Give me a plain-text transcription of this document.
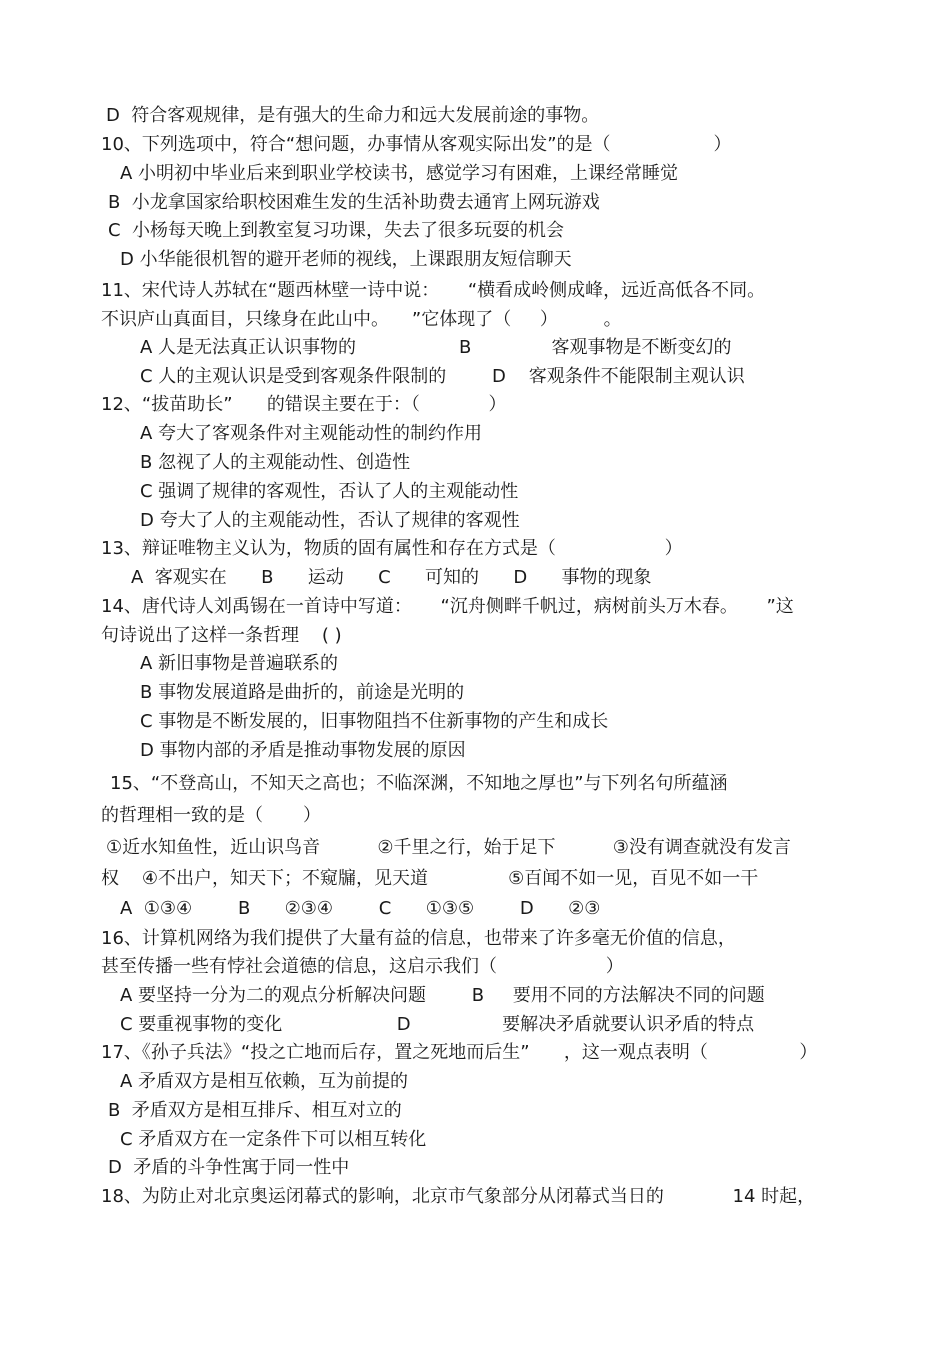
D  符合客观规律，是有强大的生命力和远大发展前途的事物。
10、下列选项中，符合“想问题，办事情从客观实际出发”的是（                  ）
A 小明初中毕业后来到职业学校读书，感觉学习有困难，上课经常睡觉
B  小龙拿国家给职校困难生发的生活补助费去通宵上网玩游戏
C  小杨每天晚上到教室复习功课，失去了很多玩耍的机会
D 小华能很机智的避开老师的视线，上课跟朋友短信聊天
11、宋代诗人苏轼在“题西林壁一诗中说：     “横看成岭侧成峰，远近高低各不同。
不识庐山真面目，只缘身在此山中。    ”它体现了（     ）        。
A 人是无法真正认识事物的                  B              客观事物是不断变幻的
C 人的主观认识是受到客观条件限制的        D    客观条件不能限制主观认识
12、“拔苗助长”      的错误主要在于：（            ）
A 夸大了客观条件对主观能动性的制约作用
B 忽视了人的主观能动性、创造性
C 强调了规律的客观性，否认了人的主观能动性
D 夸大了人的主观能动性，否认了规律的客观性
13、辩证唯物主义认为，物质的固有属性和存在方式是（                   ）
A  客观实在      B      运动      C      可知的      D      事物的现象
14、唐代诗人刘禹锡在一首诗中写道：     “沉舟侧畔千帆过，病树前头万木春。     ”这
句诗说出了这样一条哲理    ( )
A 新旧事物是普遍联系的
B 事物发展道路是曲折的，前途是光明的
C 事物是不断发展的，旧事物阻挡不住新事物的产生和成长
D 事物内部的矛盾是推动事物发展的原因
15、“不登高山，不知天之高也；不临深渊，不知地之厚也”与下列名句所蕴涵
的哲理相一致的是（       ）
①近水知鱼性，近山识鸟音          ②千里之行，始于足下          ③没有调查就没有发言
权    ④不出户，知天下；不窥牖，见天道              ⑤百闻不如一见，百见不如一干
A  ①③④        B      ②③④        C      ①③⑤        D      ②③
16、计算机网络为我们提供了大量有益的信息，也带来了许多毫无价值的信息，
甚至传播一些有悖社会道德的信息，这启示我们（                   ）
A 要坚持一分为二的观点分析解决问题        B     要用不同的方法解决不同的问题
C 要重视事物的变化                    D                要解决矛盾就要认识矛盾的特点
17、《孙子兵法》“投之亡地而后存，置之死地而后生”      ，这一观点表明（                ）
A 矛盾双方是相互依赖，互为前提的
B  矛盾双方是相互排斥、相互对立的
C 矛盾双方在一定条件下可以相互转化
D  矛盾的斗争性寓于同一性中
18、为防止对北京奥运闭幕式的影响，北京市气象部分从闭幕式当日的            14 时起，
